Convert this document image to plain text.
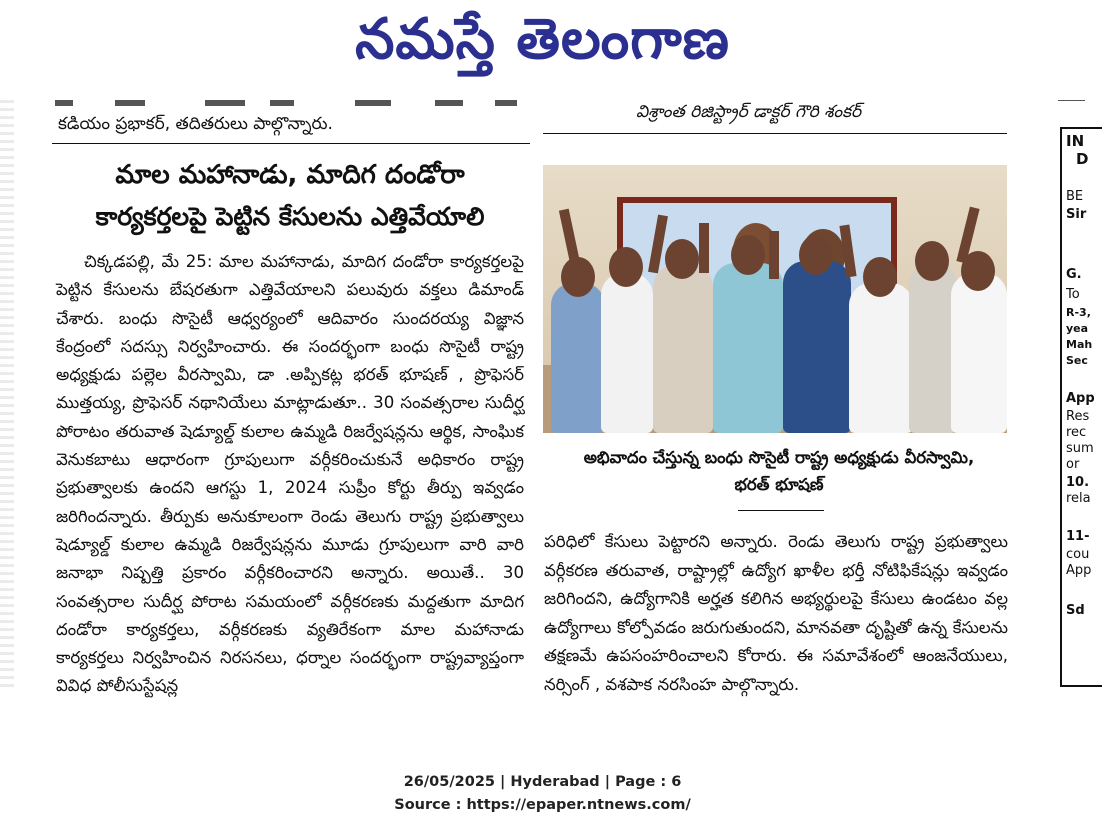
నమస్తే తెలంగాణ
కడియం ప్రభాకర్, తదితరులు పాల్గొన్నారు.
విశ్రాంత రిజిస్ట్రార్ డాక్టర్ గౌరి శంకర్
మాల మహానాడు, మాదిగ దండోరా
కార్యకర్తలపై పెట్టిన కేసులను ఎత్తివేయాలి

చిక్కడపల్లి, మే 25: మాల మహానాడు, మాదిగ దండోరా కార్యకర్తలపై పెట్టిన కేసులను బేషరతుగా ఎత్తివేయాలని పలువురు వక్తలు డిమాండ్ చేశారు. బంధు సొసైటీ ఆధ్వర్యంలో ఆదివారం సుందరయ్య విజ్ఞాన కేంద్రంలో సదస్సు నిర్వహించారు. ఈ సందర్భంగా బంధు సొసైటీ రాష్ట్ర అధ్యక్షుడు పల్లెల వీరస్వామి, డా .అప్పికట్ల భరత్ భూషణ్ , ప్రొఫెసర్ ముత్తయ్య, ప్రొఫెసర్ నథానియేలు మాట్లాడుతూ.. 30 సంవత్సరాల సుదీర్ఘ పోరాటం తరువాత షెడ్యూల్డ్ కులాల ఉమ్మడి రిజర్వేషన్లను ఆర్థిక, సాంఘిక వెనుకబాటు ఆధారంగా గ్రూపులుగా వర్గీకరించుకునే అధికారం రాష్ట్ర ప్రభుత్వాలకు ఉందని ఆగస్టు 1, 2024 సుప్రీం కోర్టు తీర్పు ఇవ్వడం జరిగిందన్నారు. తీర్పుకు అనుకూలంగా రెండు తెలుగు రాష్ట్ర ప్రభుత్వాలు షెడ్యూల్డ్ కులాల ఉమ్మడి రిజర్వేషన్లను మూడు గ్రూపులుగా వారి వారి జనాభా నిష్పత్తి ప్రకారం వర్గీకరించారని అన్నారు. అయితే.. 30 సంవత్సరాల సుదీర్ఘ పోరాట సమయంలో వర్గీకరణకు మద్దతుగా మాదిగ దండోరా కార్యకర్తలు, వర్గీకరణకు వ్యతిరేకంగా మాల మహానాడు కార్యకర్తలు నిర్వహించిన నిరసనలు, ధర్నాల సందర్భంగా రాష్ట్రవ్యాప్తంగా వివిధ పోలీసుస్టేషన్ల

అభివాదం చేస్తున్న బంధు సొసైటీ రాష్ట్ర అధ్యక్షుడు వీరస్వామి,
భరత్ భూషణ్

పరిధిలో కేసులు పెట్టారని అన్నారు. రెండు తెలుగు రాష్ట్ర ప్రభుత్వాలు వర్గీకరణ తరువాత, రాష్ట్రాల్లో ఉద్యోగ ఖాళీల భర్తీ నోటిఫికేషన్లు ఇవ్వడం జరిగిందని, ఉద్యోగానికి అర్హత కలిగిన అభ్యర్థులపై కేసులు ఉండటం వల్ల ఉద్యోగాలు కోల్పోవడం జరుగుతుందని, మానవతా దృష్టితో ఉన్న కేసులను తక్షణమే ఉపసంహరించాలని కోరారు. ఈ సమావేశంలో ఆంజనేయులు, నర్సింగ్ , వశపాక నరసింహ పాల్గొన్నారు.

IN
D
BE
Sir
G.
To
R-3,
yea
Mah
Sec
App
Res
rec
sum
or
10.
rela
11-
cou
App
Sd
26/05/2025 | Hyderabad | Page : 6
Source : https://epaper.ntnews.com/
